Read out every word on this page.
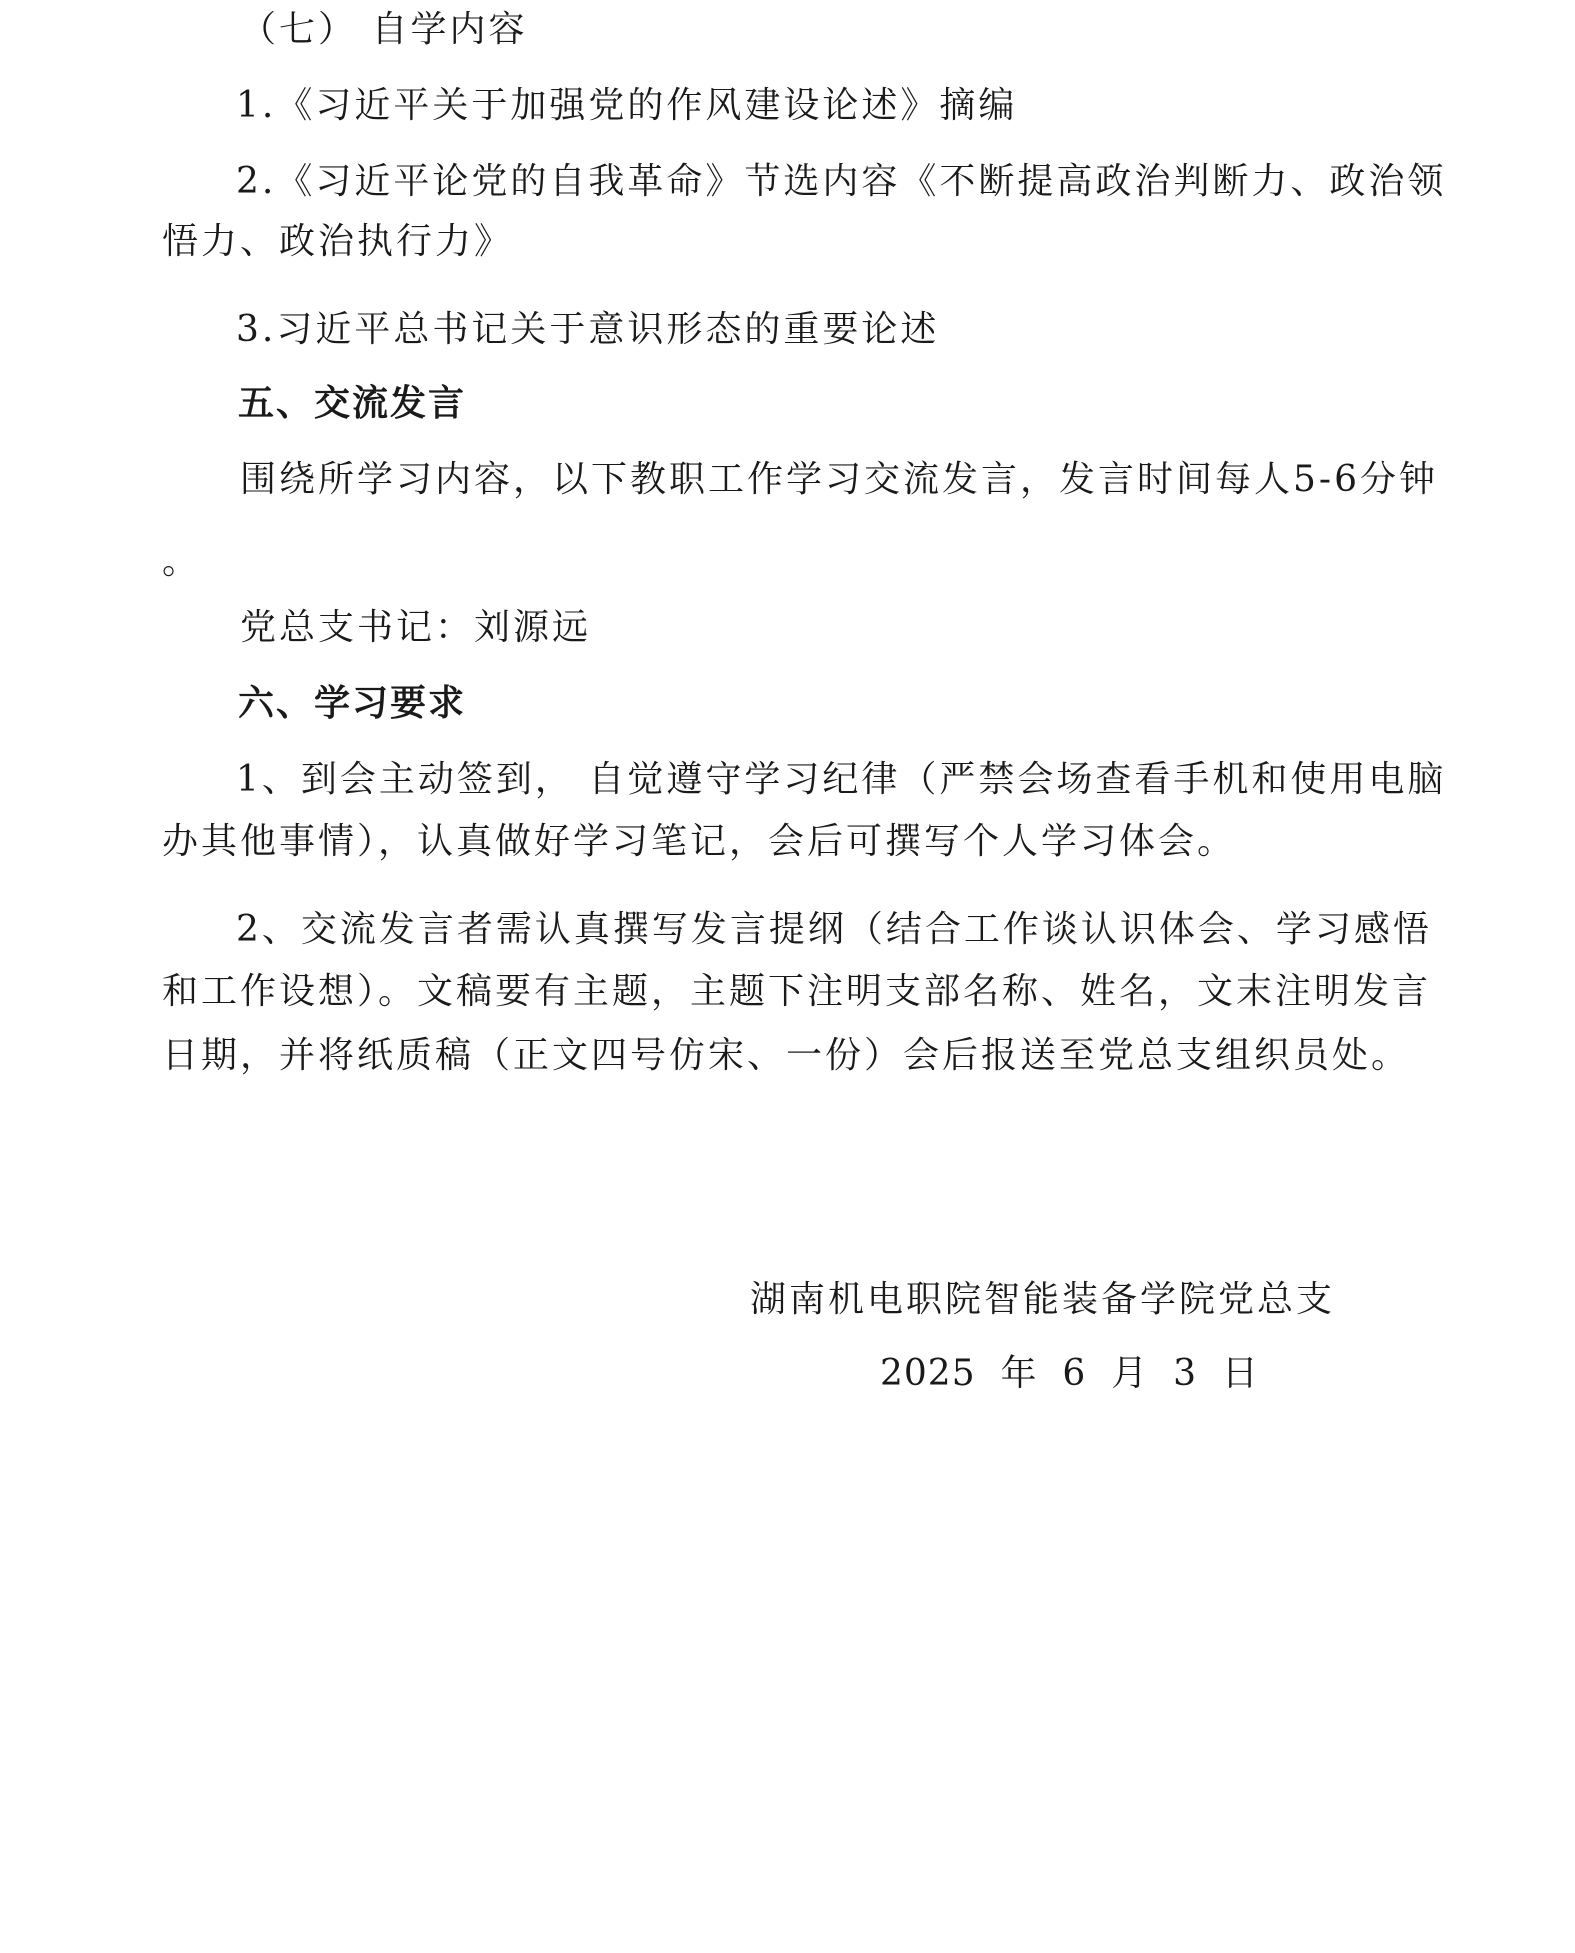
（七） 自学内容
1.《习近平关于加强党的作风建设论述》摘编
2.《习近平论党的自我革命》节选内容《不断提高政治判断力、政治领
悟力、政治执行力》
3.习近平总书记关于意识形态的重要论述
五、交流发言
围绕所学习内容，以下教职工作学习交流发言，发言时间每人5-6分钟
。
党总支书记：刘源远
六、学习要求
1、到会主动签到， 自觉遵守学习纪律（严禁会场查看手机和使用电脑
办其他事情），认真做好学习笔记，会后可撰写个人学习体会。
2、交流发言者需认真撰写发言提纲（结合工作谈认识体会、学习感悟
和工作设想）。文稿要有主题，主题下注明支部名称、姓名，文末注明发言
日期，并将纸质稿（正文四号仿宋、一份）会后报送至党总支组织员处。
湖南机电职院智能装备学院党总支
2025 年 6 月 3 日
